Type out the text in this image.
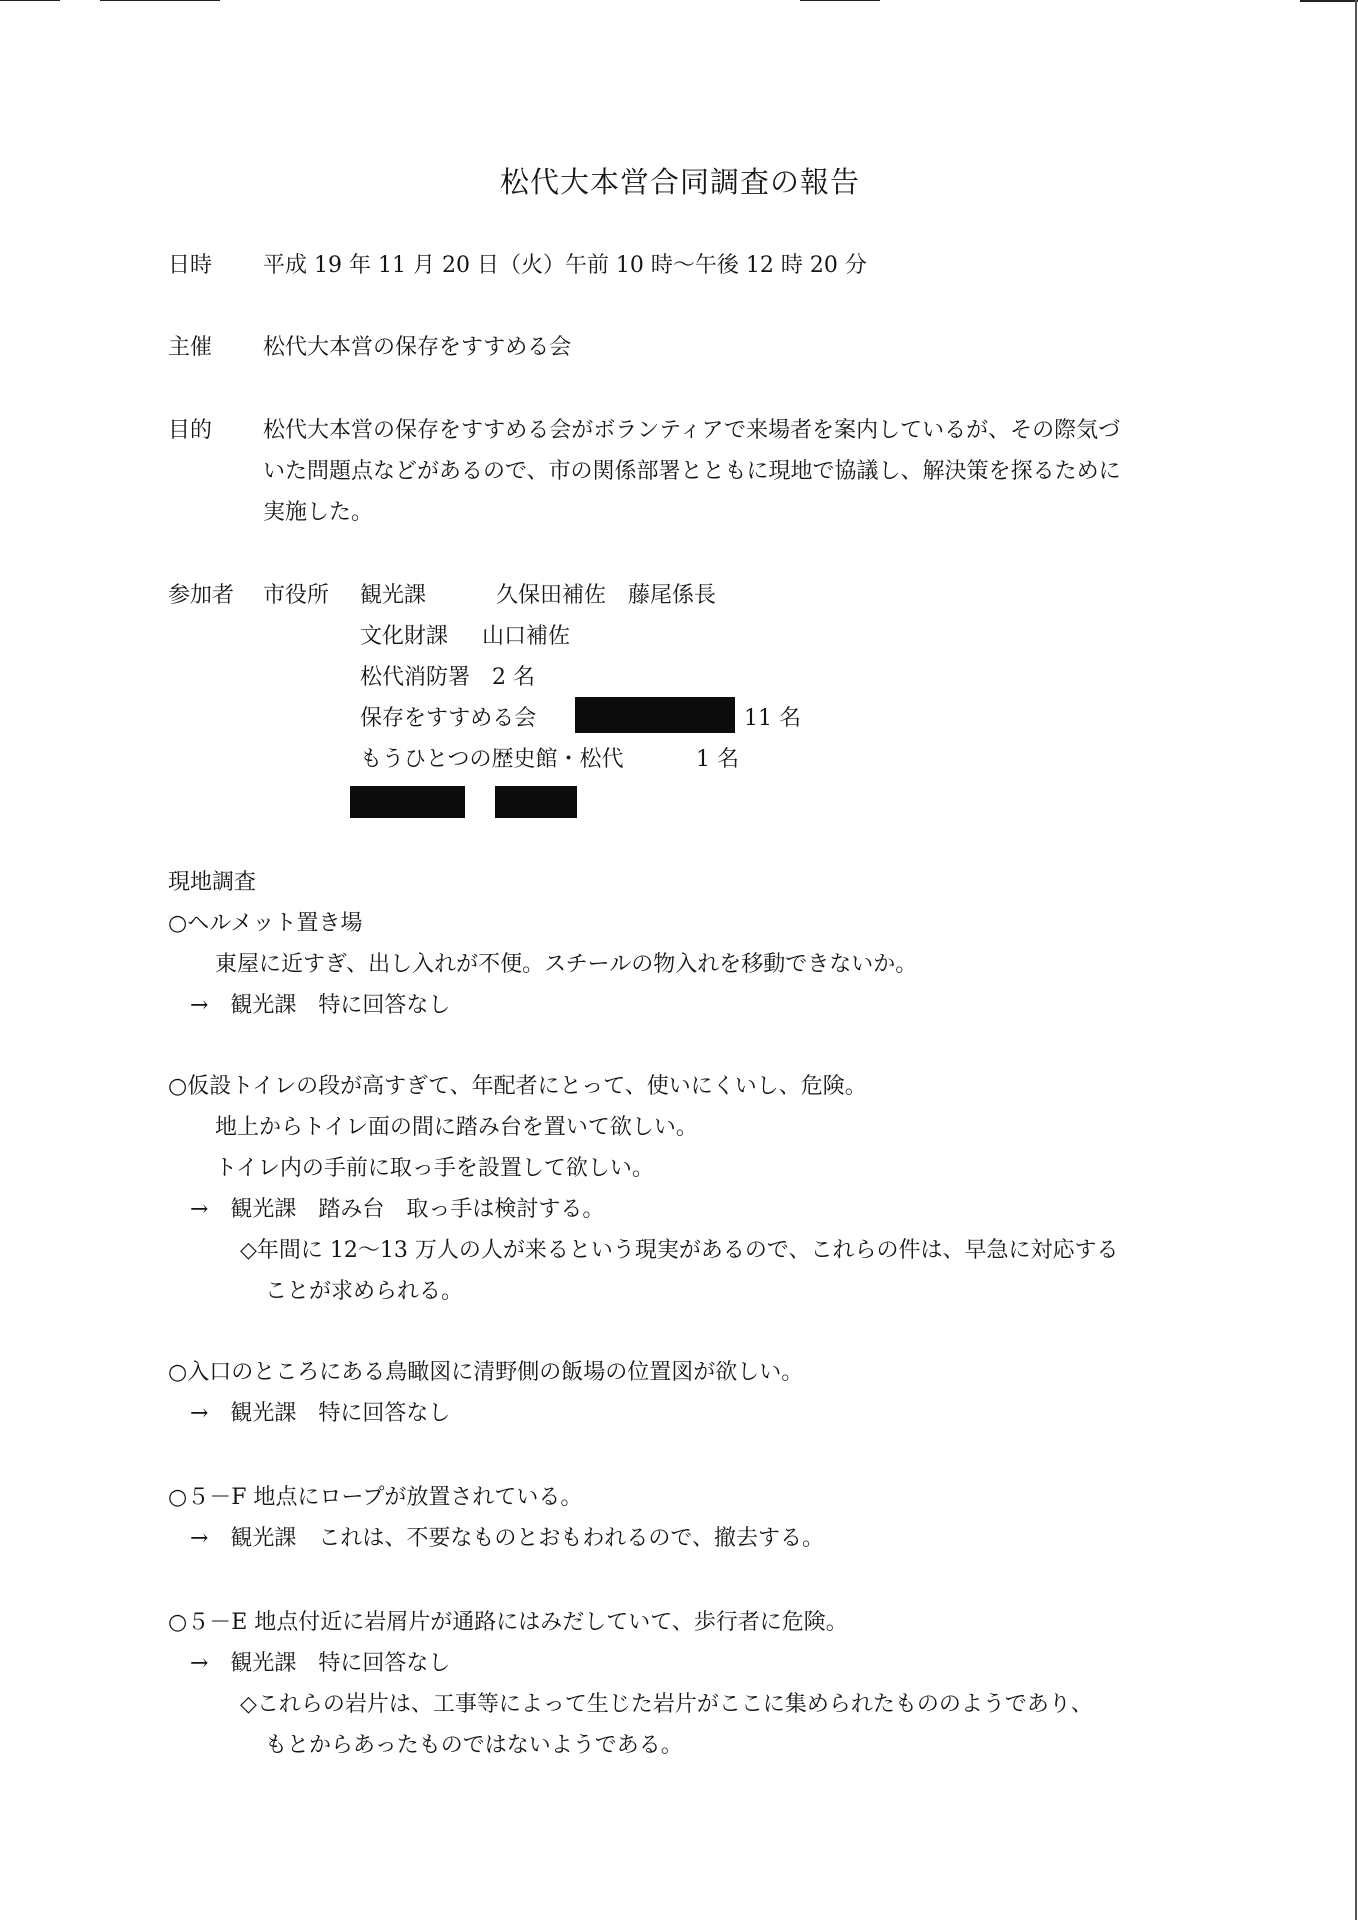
松代大本営合同調査の報告
日時 平成 19 年 11 月 20 日（火）午前 10 時〜午後 12 時 20 分
主催 松代大本営の保存をすすめる会
目的 松代大本営の保存をすすめる会がボランティアで来場者を案内しているが、その際気づ
いた問題点などがあるので、市の関係部署とともに現地で協議し、解決策を探るために
実施した。
参加者 市役所 観光課	久保田補佐　藤尾係長
文化財課 山口補佐
松代消防署　2 名
保存をすすめる会	11 名
もうひとつの歴史館・松代	1 名
現地調査
○ヘルメット置き場
東屋に近すぎ、出し入れが不便。スチールの物入れを移動できないか。
→　観光課　特に回答なし
○仮設トイレの段が高すぎて、年配者にとって、使いにくいし、危険。
地上からトイレ面の間に踏み台を置いて欲しい。
トイレ内の手前に取っ手を設置して欲しい。
→　観光課　踏み台　取っ手は検討する。
◇年間に 12〜13 万人の人が来るという現実があるので、これらの件は、早急に対応する
ことが求められる。
○入口のところにある鳥瞰図に清野側の飯場の位置図が欲しい。
→　観光課　特に回答なし
○５－F 地点にロープが放置されている。
→　観光課　これは、不要なものとおもわれるので、撤去する。
○５－E 地点付近に岩屑片が通路にはみだしていて、歩行者に危険。
→　観光課　特に回答なし
◇これらの岩片は、工事等によって生じた岩片がここに集められたもののようであり、
もとからあったものではないようである。
